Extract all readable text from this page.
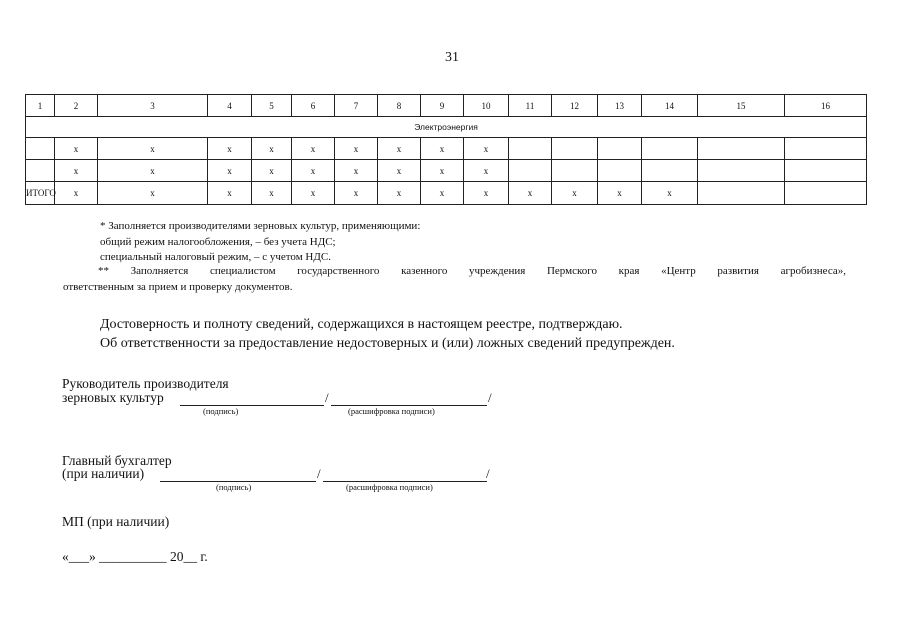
31
1	2	3	4	5	6	7	8	9	10	11	12	13	14	15	16
Электроэнергия															
	x	x	x	x	x	x	x	x	x						
	x	x	x	x	x	x	x	x	x						
ИТОГО	x	x	x	x	x	x	x	x	x	x	x	x	x		
* Заполняется производителями зерновых культур, применяющими:
общий режим налогообложения, – без учета НДС;
специальный налоговый режим, – с учетом НДС.
** Заполняется специалистом государственного казенного учреждения Пермского края «Центр развития агробизнеса»,
ответственным за прием и проверку документов.
Достоверность и полноту сведений, содержащихся в настоящем реестре, подтверждаю.
Об ответственности за предоставление недостоверных и (или) ложных сведений предупрежден.
Руководитель производителя
зерновых культур	/	/
(подпись)	(расшифровка подписи)
Главный бухгалтер
(при наличии)	/	/
(подпись)	(расшифровка подписи)
МП (при наличии)
«___» __________ 20__ г.
